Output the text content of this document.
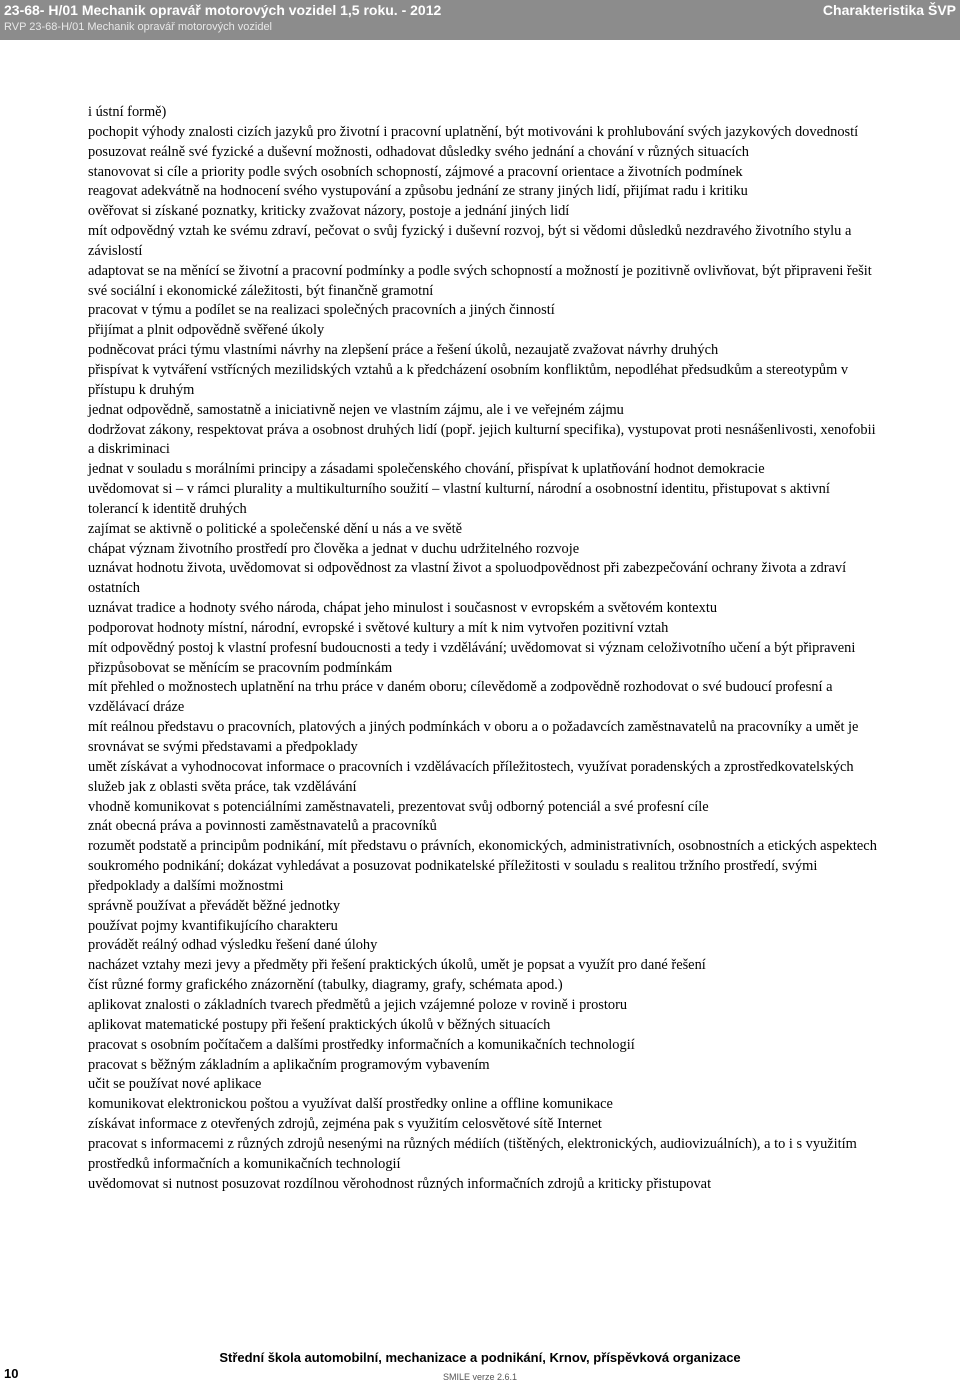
23-68- H/01 Mechanik opravář motorových vozidel 1,5 roku. - 2012
RVP 23-68-H/01 Mechanik opravář motorových vozidel
Charakteristika ŠVP
i ústní formě)
pochopit výhody znalosti cizích jazyků pro životní i pracovní uplatnění, být motivováni k prohlubování svých jazykových dovedností
posuzovat reálně své fyzické a duševní možnosti, odhadovat důsledky svého jednání a chování v různých situacích
stanovovat si cíle a priority podle svých osobních schopností, zájmové a pracovní orientace a životních podmínek
reagovat adekvátně na hodnocení svého vystupování a způsobu jednání ze strany jiných lidí, přijímat radu i kritiku
ověřovat si získané poznatky, kriticky zvažovat názory, postoje a jednání jiných lidí
mít odpovědný vztah ke svému zdraví, pečovat o svůj fyzický i duševní rozvoj, být si vědomi důsledků nezdravého životního stylu a závislostí
adaptovat se na měnící se životní a pracovní podmínky a podle svých schopností a možností je pozitivně ovlivňovat, být připraveni řešit své sociální i ekonomické záležitosti, být finančně gramotní
pracovat v týmu a podílet se na realizaci společných pracovních a jiných činností
přijímat a plnit odpovědně svěřené úkoly
podněcovat práci týmu vlastními návrhy na zlepšení práce a řešení úkolů, nezaujatě zvažovat návrhy druhých
přispívat k vytváření vstřícných mezilidských vztahů a k předcházení osobním konfliktům, nepodléhat předsudkům a stereotypům v přístupu k druhým
jednat odpovědně, samostatně a iniciativně nejen ve vlastním zájmu, ale i ve veřejném zájmu
dodržovat zákony, respektovat práva a osobnost druhých lidí (popř. jejich kulturní specifika), vystupovat proti nesnášenlivosti, xenofobii a diskriminaci
jednat v souladu s morálními principy a zásadami společenského chování, přispívat k uplatňování hodnot demokracie
uvědomovat si – v rámci plurality a multikulturního soužití – vlastní kulturní, národní a osobnostní identitu, přistupovat s aktivní tolerancí k identitě druhých
zajímat se aktivně o politické a společenské dění u nás a ve světě
chápat význam životního prostředí pro člověka a jednat v duchu udržitelného rozvoje
uznávat hodnotu života, uvědomovat si odpovědnost za vlastní život a spoluodpovědnost při zabezpečování ochrany života a zdraví ostatních
uznávat tradice a hodnoty svého národa, chápat jeho minulost i současnost v evropském a světovém kontextu
podporovat hodnoty místní, národní, evropské i světové kultury a mít k nim vytvořen pozitivní vztah
mít odpovědný postoj k vlastní profesní budoucnosti a tedy i vzdělávání; uvědomovat si význam celoživotního učení a být připraveni přizpůsobovat se měnícím se pracovním podmínkám
mít přehled o možnostech uplatnění na trhu práce v daném oboru; cílevědomě a zodpovědně rozhodovat o své budoucí profesní a vzdělávací dráze
mít reálnou představu o pracovních, platových a jiných podmínkách v oboru a o požadavcích zaměstnavatelů na pracovníky a umět je srovnávat se svými představami a předpoklady
umět získávat a vyhodnocovat informace o pracovních i vzdělávacích příležitostech, využívat poradenských a zprostředkovatelských služeb jak z oblasti světa práce, tak vzdělávání
vhodně komunikovat s potenciálními zaměstnavateli, prezentovat svůj odborný potenciál a své profesní cíle
znát obecná práva a povinnosti zaměstnavatelů a pracovníků
rozumět podstatě a principům podnikání, mít představu o právních, ekonomických, administrativních, osobnostních a etických aspektech soukromého podnikání; dokázat vyhledávat a posuzovat podnikatelské příležitosti v souladu s realitou tržního prostředí, svými předpoklady a dalšími možnostmi
správně používat a převádět běžné jednotky
používat pojmy kvantifikujícího charakteru
provádět reálný odhad výsledku řešení dané úlohy
nacházet vztahy mezi jevy a předměty při řešení praktických úkolů, umět je popsat a využít pro dané řešení
číst různé formy grafického znázornění (tabulky, diagramy, grafy, schémata apod.)
aplikovat znalosti o základních tvarech předmětů a jejich vzájemné poloze v rovině i prostoru
aplikovat matematické postupy při řešení praktických úkolů v běžných situacích
pracovat s osobním počítačem a dalšími prostředky informačních a komunikačních technologií
pracovat s běžným základním a aplikačním programovým vybavením
učit se používat nové aplikace
komunikovat elektronickou poštou a využívat další prostředky online a offline komunikace
získávat informace z otevřených zdrojů, zejména pak s využitím celosvětové sítě Internet
pracovat s informacemi z různých zdrojů nesenými na různých médiích (tištěných, elektronických, audiovizuálních), a to i s využitím prostředků informačních a komunikačních technologií
uvědomovat si nutnost posuzovat rozdílnou věrohodnost různých informačních zdrojů a kriticky přistupovat
Střední škola automobilní, mechanizace a podnikání, Krnov, příspěvková organizace
10	SMILE verze 2.6.1
